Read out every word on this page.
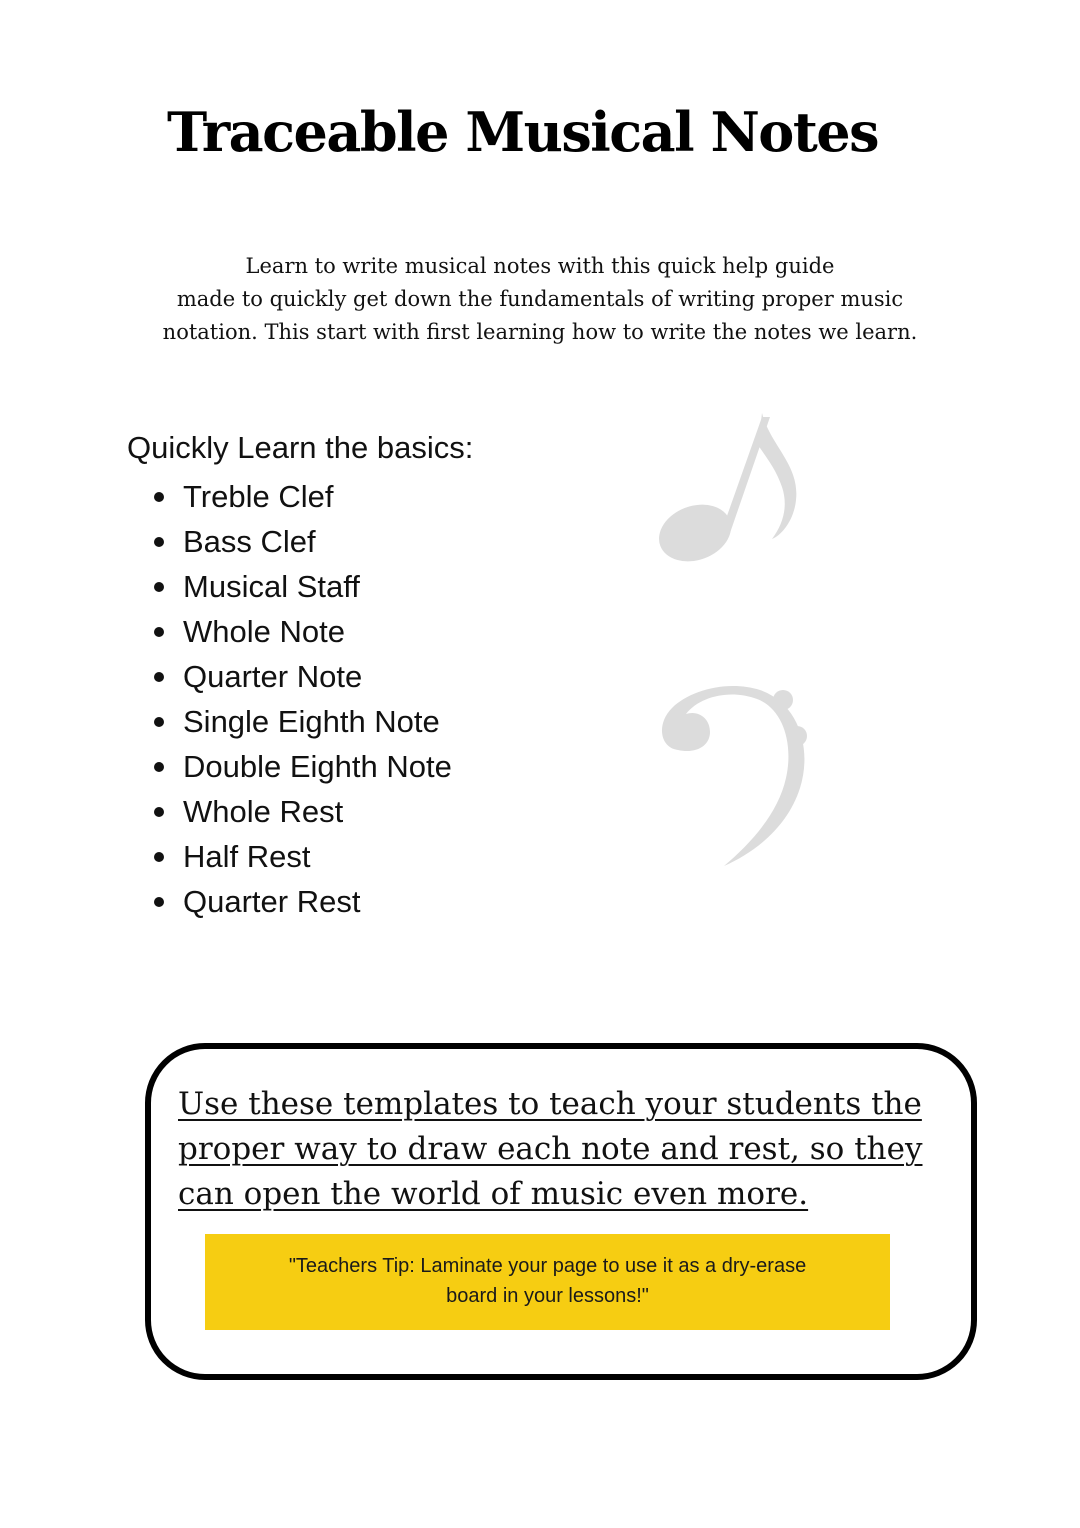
Traceable Musical Notes
Learn to write musical notes with this quick help guide
made to quickly get down the fundamentals of writing proper music
notation. This start with first learning how to write the notes we learn.
Quickly Learn the basics:
Treble Clef
Bass Clef
Musical Staff
Whole Note
Quarter Note
Single Eighth Note
Double Eighth Note
Whole Rest
Half Rest
Quarter Rest
Use these templates to teach your students the
proper way to draw each note and rest, so they
can open the world of music even more.
"Teachers Tip: Laminate your page to use it as a dry-erase
board in your lessons!"
